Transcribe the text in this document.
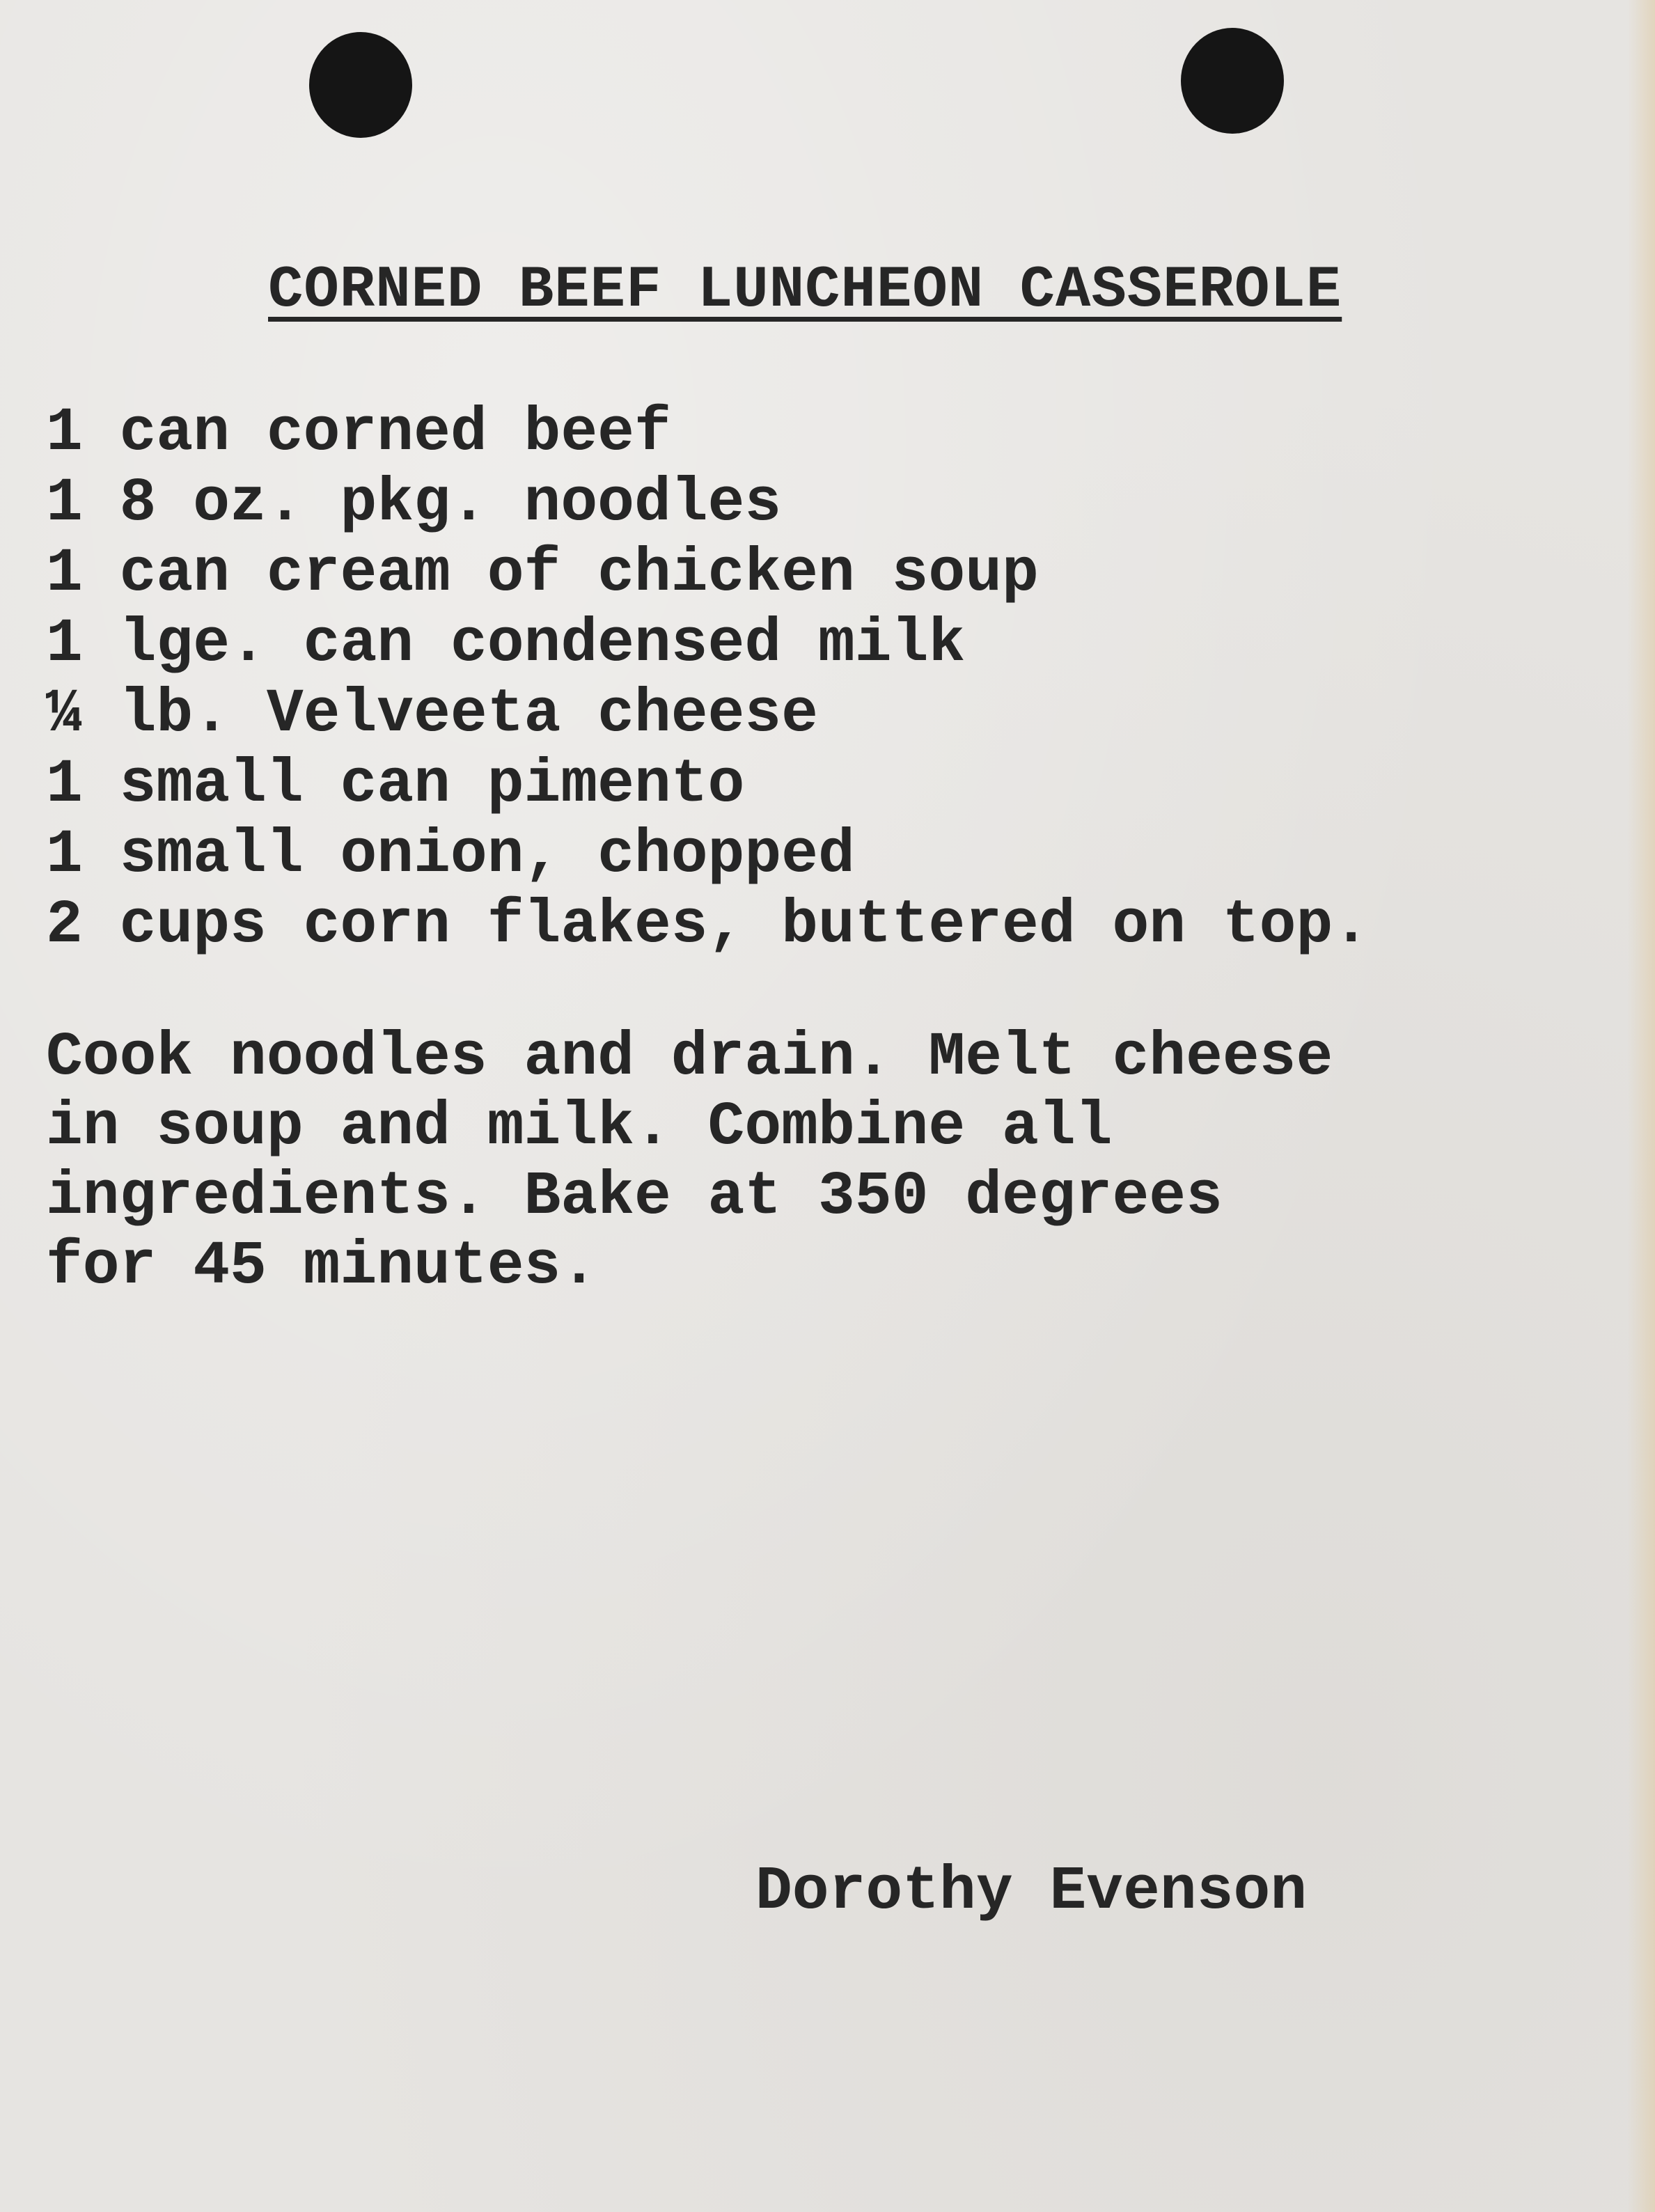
CORNED BEEF LUNCHEON CASSEROLE
1 can corned beef
1 8 oz. pkg. noodles
1 can cream of chicken soup
1 lge. can condensed milk
¼ lb. Velveeta cheese
1 small can pimento
1 small onion, chopped
2 cups corn flakes, buttered on top.

Cook noodles and drain. Melt cheese
in soup and milk. Combine all
ingredients. Bake at 350 degrees
for 45 minutes.

Dorothy Evenson
